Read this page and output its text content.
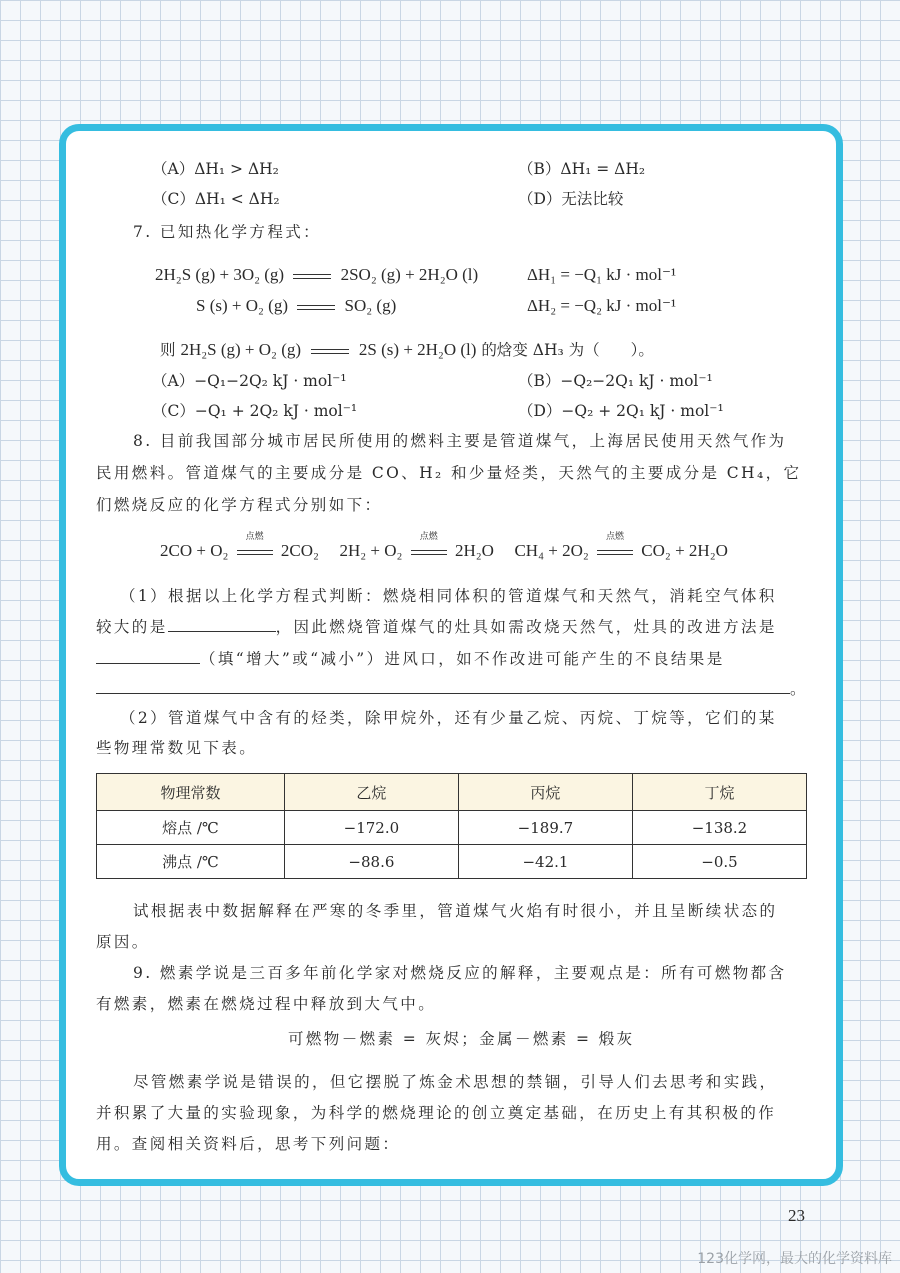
（A）ΔH₁ > ΔH₂	（B）ΔH₁ = ΔH₂
（C）ΔH₁ < ΔH₂	（D）无法比较
7. 已知热化学方程式：
2H₂S (g) + 3O₂ (g)	2SO₂ (g) + 2H₂O (l)	ΔH₁ = −Q₁ kJ · mol⁻¹
S (s) + O₂ (g)	SO₂ (g)	ΔH₂ = −Q₂ kJ · mol⁻¹
则 2H₂S (g) + O₂ (g)	2S (s) + 2H₂O (l) 的焓变 ΔH₃ 为（　　）。
（A）−Q₁−2Q₂ kJ · mol⁻¹	（B）−Q₂−2Q₁ kJ · mol⁻¹
（C）−Q₁ + 2Q₂ kJ · mol⁻¹	（D）−Q₂ + 2Q₁ kJ · mol⁻¹
8. 目前我国部分城市居民所使用的燃料主要是管道煤气，上海居民使用天然气作为
民用燃料。管道煤气的主要成分是 CO、H₂ 和少量烃类，天然气的主要成分是 CH₄，它
们燃烧反应的化学方程式分别如下：
2CO + O₂
点燃
2CO₂ 2H₂ + O₂
点燃
2H₂O CH₄ + 2O₂
点燃
CO₂ + 2H₂O
（1）根据以上化学方程式判断：燃烧相同体积的管道煤气和天然气，消耗空气体积
较大的是	，因此燃烧管道煤气的灶具如需改烧天然气，灶具的改进方法是
（填“增大”或“减小”）进风口，如不作改进可能产生的不良结果是
。
（2）管道煤气中含有的烃类，除甲烷外，还有少量乙烷、丙烷、丁烷等，它们的某
些物理常数见下表。
物理常数	乙烷	丙烷	丁烷
熔点 /℃	−172.0	−189.7	−138.2
沸点 /℃	−88.6	−42.1	−0.5
试根据表中数据解释在严寒的冬季里，管道煤气火焰有时很小，并且呈断续状态的
原因。
9. 燃素学说是三百多年前化学家对燃烧反应的解释，主要观点是：所有可燃物都含
有燃素，燃素在燃烧过程中释放到大气中。
可燃物－燃素 = 灰烬；金属－燃素 = 煅灰
尽管燃素学说是错误的，但它摆脱了炼金术思想的禁锢，引导人们去思考和实践，
并积累了大量的实验现象，为科学的燃烧理论的创立奠定基础，在历史上有其积极的作
用。查阅相关资料后，思考下列问题：
23
123化学网，最大的化学资料库
